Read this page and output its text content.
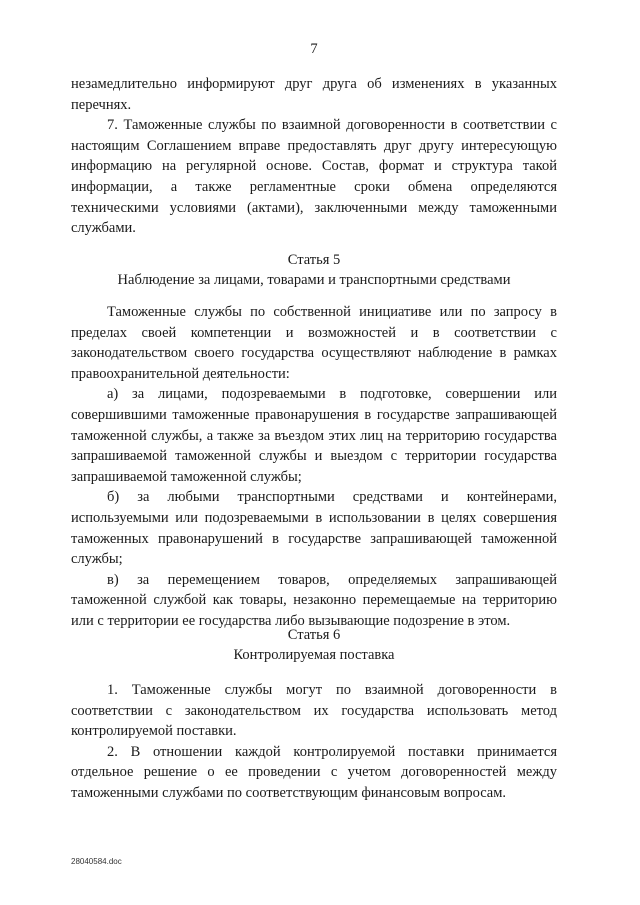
7

незамедлительно информируют друг друга об изменениях в указанных перечнях.

7. Таможенные службы по взаимной договоренности в соответствии с настоящим Соглашением вправе предоставлять друг другу интересующую информацию на регулярной основе. Состав, формат и структура такой информации, а также регламентные сроки обмена определяются техническими условиями (актами), заключенными между таможенными службами.

Статья 5
Наблюдение за лицами, товарами и транспортными средствами

Таможенные службы по собственной инициативе или по запросу в пределах своей компетенции и возможностей и в соответствии с законодательством своего государства осуществляют наблюдение в рамках правоохранительной деятельности:

а) за лицами, подозреваемыми в подготовке, совершении или совершившими таможенные правонарушения в государстве запрашивающей таможенной службы, а также за въездом этих лиц на территорию государства запрашиваемой таможенной службы и выездом с территории государства запрашиваемой таможенной службы;

б) за любыми транспортными средствами и контейнерами, используемыми или подозреваемыми в использовании в целях совершения таможенных правонарушений в государстве запрашивающей таможенной службы;

в) за перемещением товаров, определяемых запрашивающей таможенной службой как товары, незаконно перемещаемые на территорию или с территории ее государства либо вызывающие подозрение в этом.

Статья 6
Контролируемая поставка

1. Таможенные службы могут по взаимной договоренности в соответствии с законодательством их государства использовать метод контролируемой поставки.

2. В отношении каждой контролируемой поставки принимается отдельное решение о ее проведении с учетом договоренностей между таможенными службами по соответствующим финансовым вопросам.

28040584.doc
